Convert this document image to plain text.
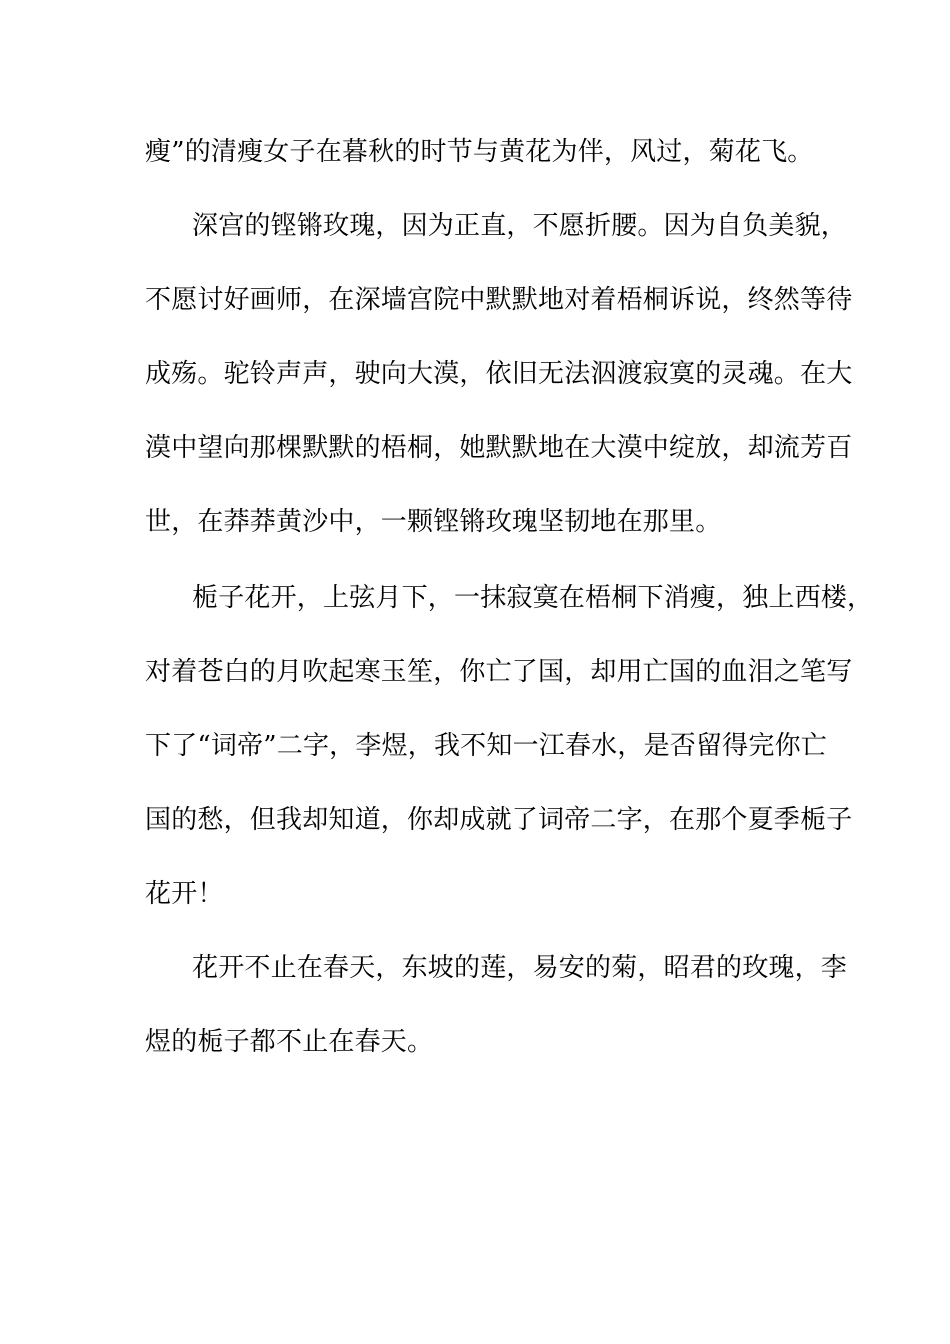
瘦”的清瘦女子在暮秋的时节与黄花为伴，风过，菊花飞。
深宫的铿锵玫瑰，因为正直，不愿折腰。因为自负美貌，
不愿讨好画师，在深墙宫院中默默地对着梧桐诉说，终然等待
成殇。驼铃声声，驶向大漠，依旧无法泅渡寂寞的灵魂。在大
漠中望向那棵默默的梧桐，她默默地在大漠中绽放，却流芳百
世，在莽莽黄沙中，一颗铿锵玫瑰坚韧地在那里。
栀子花开，上弦月下，一抹寂寞在梧桐下消瘦，独上西楼，
对着苍白的月吹起寒玉笙，你亡了国，却用亡国的血泪之笔写
下了“词帝”二字，李煜，我不知一江春水，是否留得完你亡
国的愁，但我却知道，你却成就了词帝二字，在那个夏季栀子
花开！
花开不止在春天，东坡的莲，易安的菊，昭君的玫瑰，李
煜的栀子都不止在春天。
